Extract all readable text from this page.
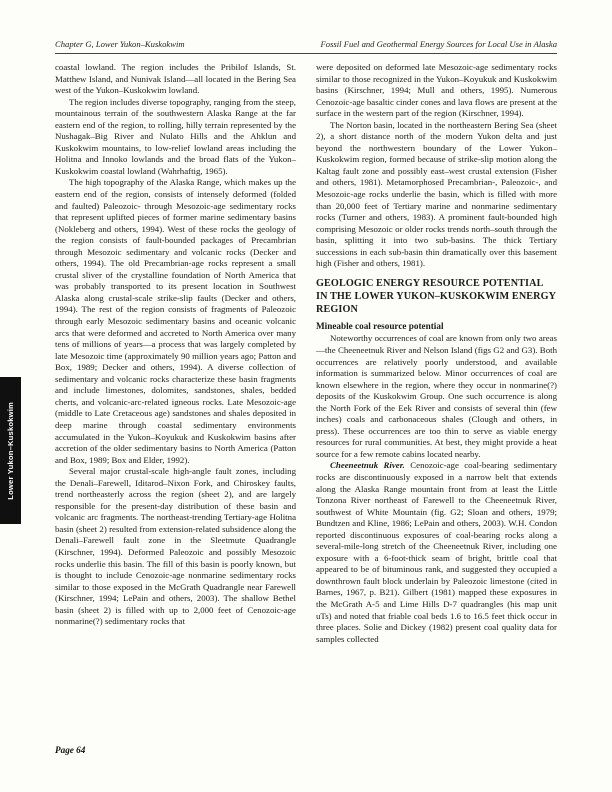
Chapter G, Lower Yukon–Kuskokwim	Fossil Fuel and Geothermal Energy Sources for Local Use in Alaska

coastal lowland. The region includes the Pribilof Islands, St. Matthew Island, and Nunivak Island—all located in the Bering Sea west of the Yukon–Kuskokwim lowland.

The region includes diverse topography, ranging from the steep, mountainous terrain of the southwestern Alaska Range at the far eastern end of the region, to rolling, hilly terrain represented by the Nushagak–Big River and Nulato Hills and the Ahklun and Kuskokwim mountains, to low-relief lowland areas including the Holitna and Innoko lowlands and the broad flats of the Yukon–Kuskokwim coastal lowland (Wahrhaftig, 1965).

The high topography of the Alaska Range, which makes up the eastern end of the region, consists of intensely deformed (folded and faulted) Paleozoic- through Mesozoic-age sedimentary rocks that represent uplifted pieces of former marine sedimentary basins (Nokleberg and others, 1994). West of these rocks the geology of the region consists of fault-bounded packages of Precambrian through Mesozoic sedimentary and volcanic rocks (Decker and others, 1994). The old Precambrian-age rocks represent a small crustal sliver of the crystalline foundation of North America that was probably transported to its present location in Southwest Alaska along crustal-scale strike-slip faults (Decker and others, 1994). The rest of the region consists of fragments of Paleozoic through early Mesozoic sedimentary basins and oceanic volcanic arcs that were deformed and accreted to North America over many tens of millions of years—a process that was largely completed by late Mesozoic time (approximately 90 million years ago; Patton and Box, 1989; Decker and others, 1994). A diverse collection of sedimentary and volcanic rocks characterize these basin fragments and include limestones, dolomites, sandstones, shales, bedded cherts, and volcanic-arc-related igneous rocks. Late Mesozoic-age (middle to Late Cretaceous age) sandstones and shales deposited in deep marine through coastal sedimentary environments accumulated in the Yukon–Koyukuk and Kuskokwim basins after accretion of the older sedimentary basins to North America (Patton and Box, 1989; Box and Elder, 1992).

Several major crustal-scale high-angle fault zones, including the Denali–Farewell, Iditarod–Nixon Fork, and Chiroskey faults, trend northeasterly across the region (sheet 2), and are largely responsible for the present-day distribution of these basin and volcanic arc fragments. The northeast-trending Tertiary-age Holitna basin (sheet 2) resulted from extension-related subsidence along the Denali–Farewell fault zone in the Sleetmute Quadrangle (Kirschner, 1994). Deformed Paleozoic and possibly Mesozoic rocks underlie this basin. The fill of this basin is poorly known, but is thought to include Cenozoic-age nonmarine sedimentary rocks similar to those exposed in the McGrath Quadrangle near Farewell (Kirschner, 1994; LePain and others, 2003). The shallow Bethel basin (sheet 2) is filled with up to 2,000 feet of Cenozoic-age nonmarine(?) sedimentary rocks that

were deposited on deformed late Mesozoic-age sedimentary rocks similar to those recognized in the Yukon–Koyukuk and Kuskokwim basins (Kirschner, 1994; Mull and others, 1995). Numerous Cenozoic-age basaltic cinder cones and lava flows are present at the surface in the western part of the region (Kirschner, 1994).

The Norton basin, located in the northeastern Bering Sea (sheet 2), a short distance north of the modern Yukon delta and just beyond the northwestern boundary of the Lower Yukon–Kuskokwim region, formed because of strike-slip motion along the Kaltag fault zone and possibly east–west crustal extension (Fisher and others, 1981). Metamorphosed Precambrian-, Paleozoic-, and Mesozoic-age rocks underlie the basin, which is filled with more than 20,000 feet of Tertiary marine and nonmarine sedimentary rocks (Turner and others, 1983). A prominent fault-bounded high comprising Mesozoic or older rocks trends north–south through the basin, splitting it into two sub-basins. The thick Tertiary successions in each sub-basin thin dramatically over this basement high (Fisher and others, 1981).

GEOLOGIC ENERGY RESOURCE POTENTIAL IN THE LOWER YUKON–KUSKOKWIM ENERGY REGION
Mineable coal resource potential

Noteworthy occurrences of coal are known from only two areas—the Cheeneetnuk River and Nelson Island (figs G2 and G3). Both occurrences are relatively poorly understood, and available information is summarized below. Minor occurrences of coal are known elsewhere in the region, where they occur in nonmarine(?) deposits of the Kuskokwim Group. One such occurrence is along the North Fork of the Eek River and consists of several thin (few inches) coals and carbonaceous shales (Clough and others, in press). These occurrences are too thin to serve as viable energy resources for rural communities. At best, they might provide a heat source for a few remote cabins located nearby.

Cheeneetnuk River. Cenozoic-age coal-bearing sedimentary rocks are discontinuously exposed in a narrow belt that extends along the Alaska Range mountain front from at least the Little Tonzona River northeast of Farewell to the Cheeneetnuk River, southwest of White Mountain (fig. G2; Sloan and others, 1979; Bundtzen and Kline, 1986; LePain and others, 2003). W.H. Condon reported discontinuous exposures of coal-bearing rocks along a several-mile-long stretch of the Cheeneetnuk River, including one exposure with a 6-foot-thick seam of bright, brittle coal that appeared to be of bituminous rank, and suggested they occupied a downthrown fault block underlain by Paleozoic limestone (cited in Barnes, 1967, p. B21). Gilbert (1981) mapped these exposures in the McGrath A-5 and Lime Hills D-7 quadrangles (his map unit uTs) and noted that friable coal beds 1.6 to 16.5 feet thick occur in three places. Solie and Dickey (1982) present coal quality data for samples collected

Lower Yukon–Kuskokwim
Page 64
